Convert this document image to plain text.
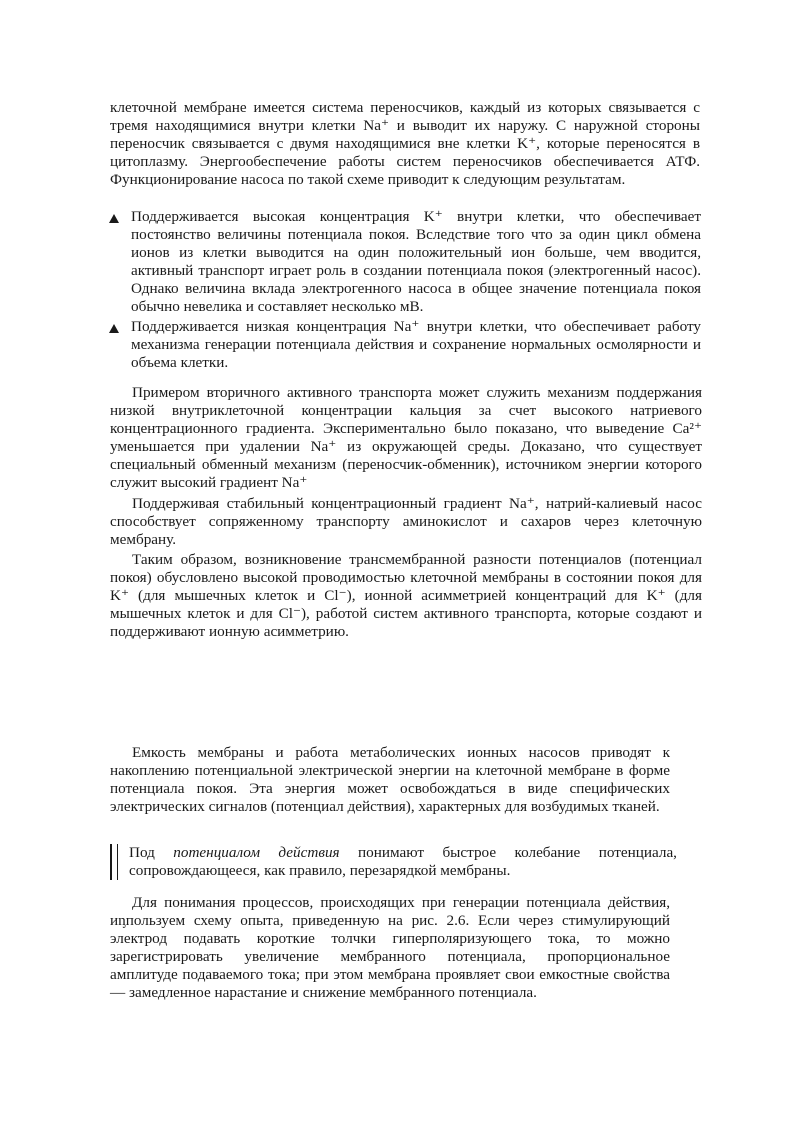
клеточной мембране имеется система переносчиков, каждый из которых связывается с тремя находящимися внутри клетки Na⁺ и выводит их наружу. С наружной стороны переносчик связывается с двумя находящимися вне клетки K⁺, которые переносятся в цитоплазму. Энергообеспечение работы систем переносчиков обеспечивается АТФ. Функционирование насоса по такой схеме приводит к следующим результатам.

Поддерживается высокая концентрация K⁺ внутри клетки, что обеспечивает постоянство величины потенциала покоя. Вследствие того что за один цикл обмена ионов из клетки выводится на один положительный ион больше, чем вводится, активный транспорт играет роль в создании потенциала покоя (электрогенный насос). Однако величина вклада электрогенного насоса в общее значение потенциала покоя обычно невелика и составляет несколько мВ.

Поддерживается низкая концентрация Na⁺ внутри клетки, что обеспечивает работу механизма генерации потенциала действия и сохранение нормальных осмолярности и объема клетки.

Примером вторичного активного транспорта может служить механизм поддержания низкой внутриклеточной концентрации кальция за счет высокого натриевого концентрационного градиента. Экспериментально было показано, что выведение Ca²⁺ уменьшается при удалении Na⁺ из окружающей среды. Доказано, что существует специальный обменный механизм (переносчик-обменник), источником энергии которого служит высокий градиент Na⁺

Поддерживая стабильный концентрационный градиент Na⁺, натрий-калиевый насос способствует сопряженному транспорту аминокислот и сахаров через клеточную мембрану.

Таким образом, возникновение трансмембранной разности потенциалов (потенциал покоя) обусловлено высокой проводимостью клеточной мембраны в состоянии покоя для K⁺ (для мышечных клеток и Cl⁻), ионной асимметрией концентраций для K⁺ (для мышечных клеток и для Cl⁻), работой систем активного транспорта, которые создают и поддерживают ионную асимметрию.

Емкость мембраны и работа метаболических ионных насосов приводят к накоплению потенциальной электрической энергии на клеточной мембране в форме потенциала покоя. Эта энергия может освобождаться в виде специфических электрических сигналов (потенциал действия), характерных для возбудимых тканей.

Под потенциалом действия понимают быстрое колебание потенциала, сопровождающееся, как правило, перезарядкой мембраны.

Для понимания процессов, происходящих при генерации потенциала действия, иᶇпользуем схему опыта, приведенную на рис. 2.6. Если через стимулирующий электрод подавать короткие толчки гиперполяризующего тока, то можно зарегистрировать увеличение мембранного потенциала, пропорциональное амплитуде подаваемого тока; при этом мембрана проявляет свои емкостные свойства — замедленное нарастание и снижение мембранного потенциала.
